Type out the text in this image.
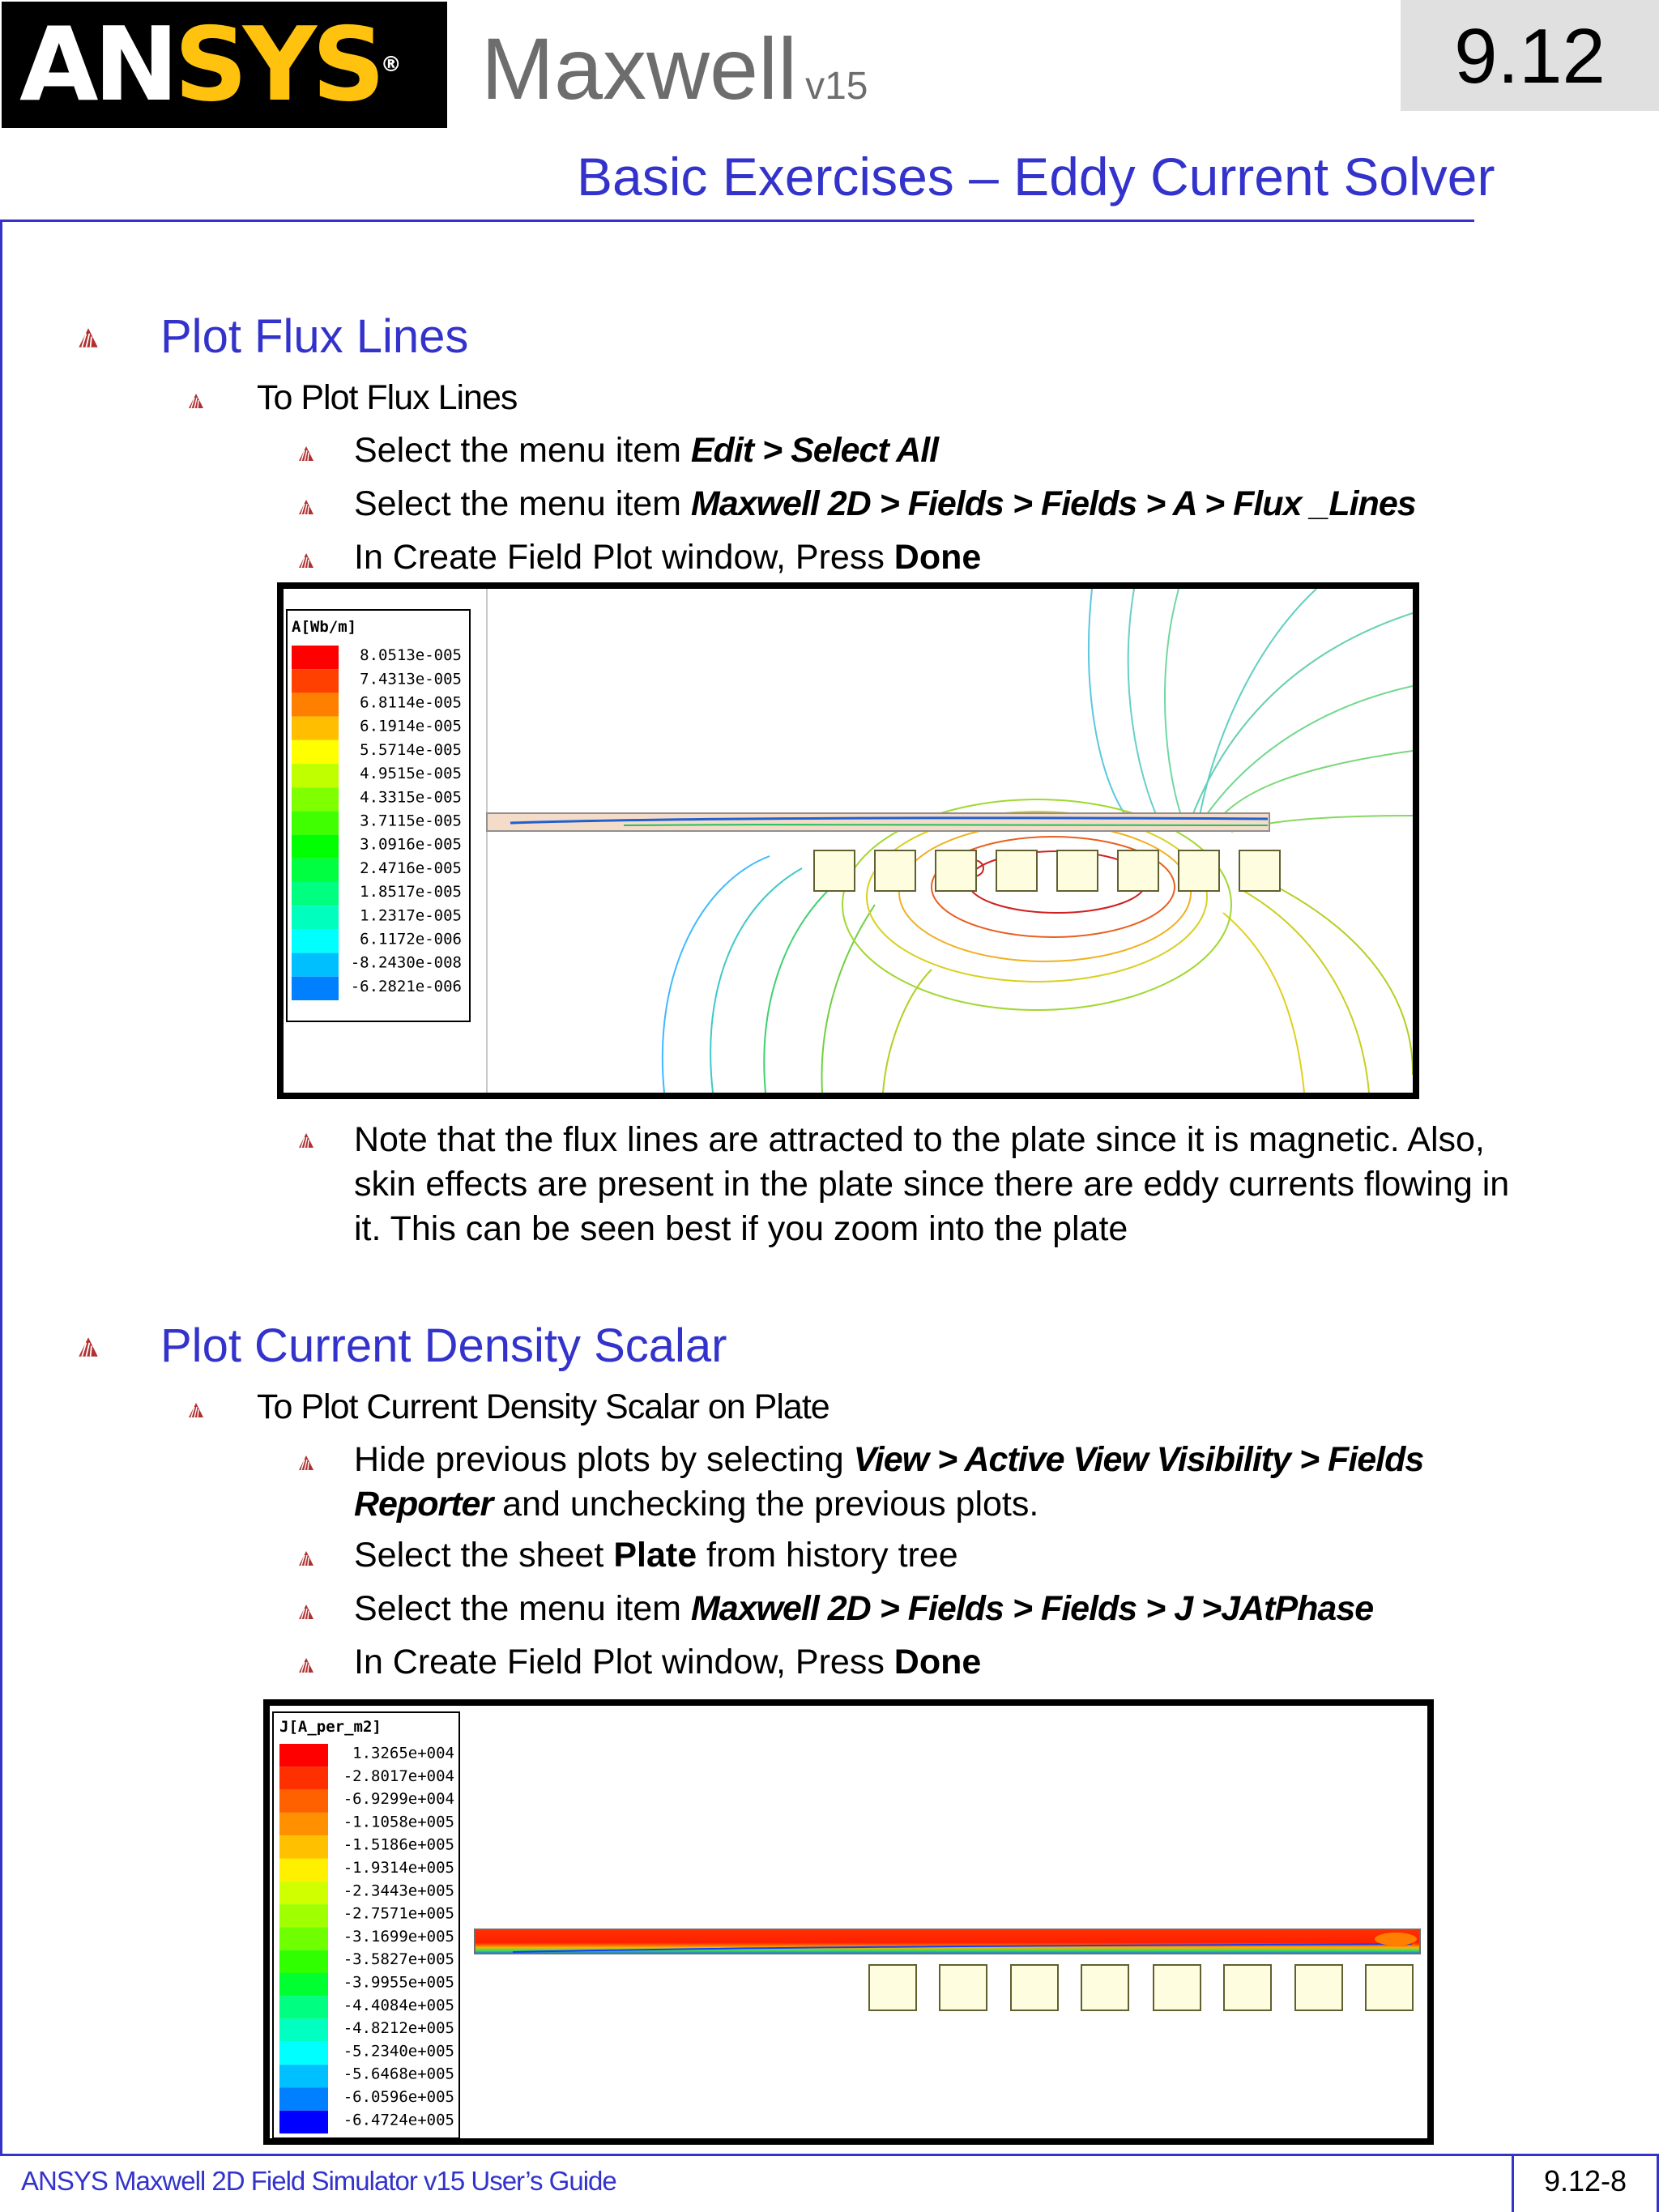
ANSYS® Maxwell v15	9.12
Basic Exercises – Eddy Current Solver
Plot Flux Lines
To Plot Flux Lines
Select the menu item Edit > Select All
Select the menu item Maxwell 2D > Fields > Fields > A > Flux _Lines
In Create Field Plot window, Press Done
A[Wb/m]
8.0513e-005
7.4313e-005
6.8114e-005
6.1914e-005
5.5714e-005
4.9515e-005
4.3315e-005
3.7115e-005
3.0916e-005
2.4716e-005
1.8517e-005
1.2317e-005
6.1172e-006
-8.2430e-008
-6.2821e-006
Note that the flux lines are attracted to the plate since it is magnetic. Also,
skin effects are present in the plate since there are eddy currents flowing in
it. This can be seen best if you zoom into the plate
Plot Current Density Scalar
To Plot Current Density Scalar on Plate
Hide previous plots by selecting View > Active View Visibility > Fields
Reporter and unchecking the previous plots.
Select the sheet Plate from history tree
Select the menu item Maxwell 2D > Fields > Fields > J >JAtPhase
In Create Field Plot window, Press Done
J[A_per_m2]
1.3265e+004
-2.8017e+004
-6.9299e+004
-1.1058e+005
-1.5186e+005
-1.9314e+005
-2.3443e+005
-2.7571e+005
-3.1699e+005
-3.5827e+005
-3.9955e+005
-4.4084e+005
-4.8212e+005
-5.2340e+005
-5.6468e+005
-6.0596e+005
-6.4724e+005
ANSYS Maxwell 2D Field Simulator v15 User’s Guide	9.12-8
